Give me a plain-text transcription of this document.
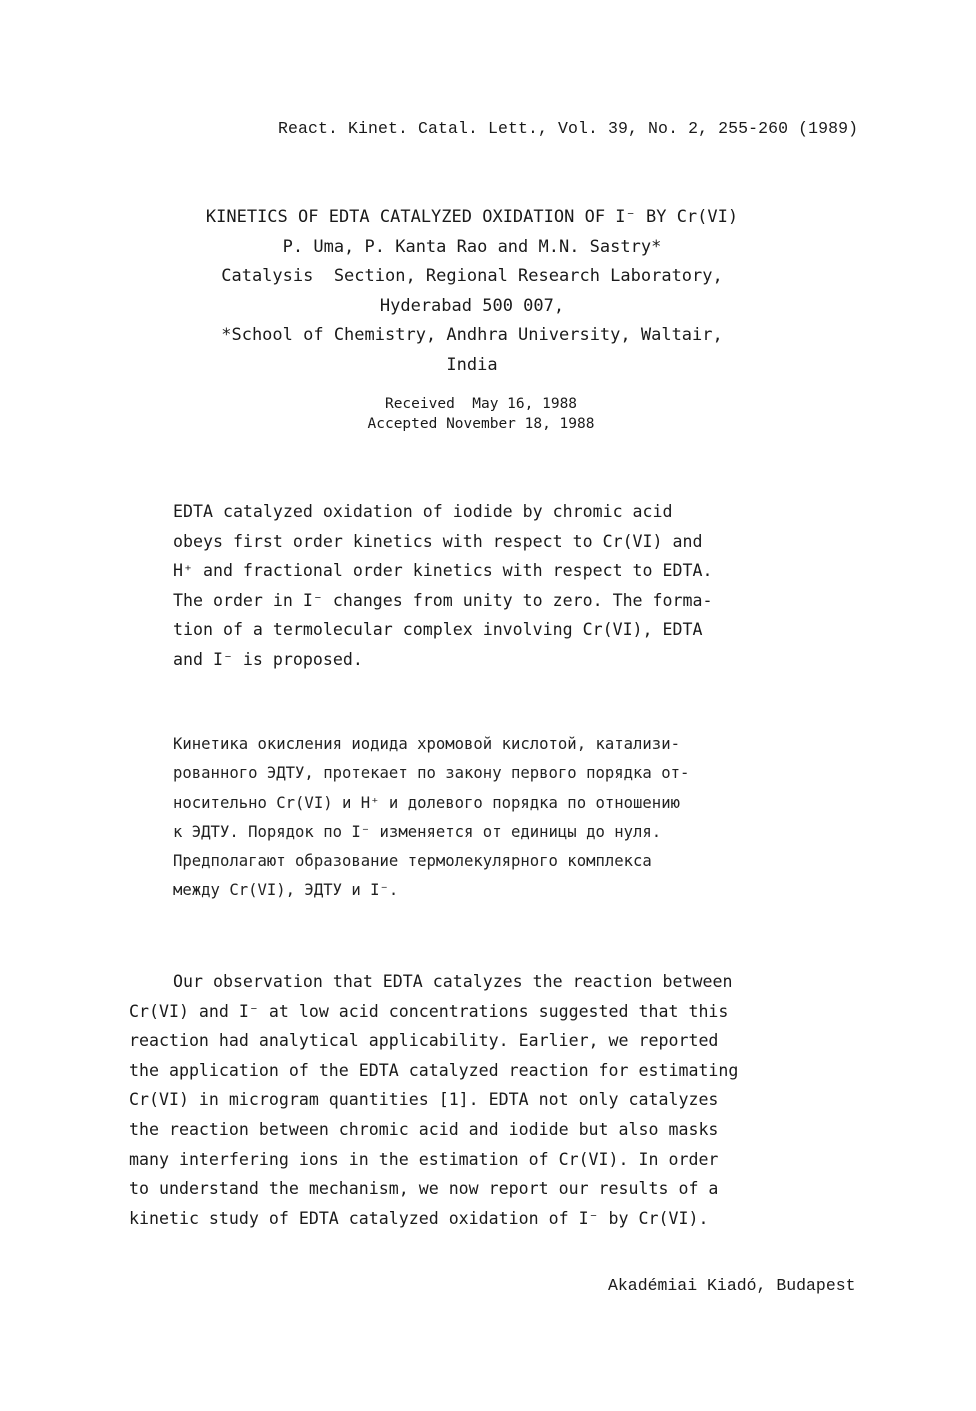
React. Kinet. Catal. Lett., Vol. 39, No. 2, 255-260 (1989)
KINETICS OF EDTA CATALYZED OXIDATION OF I⁻ BY Cr(VI)
P. Uma, P. Kanta Rao and M.N. Sastry*
Catalysis  Section, Regional Research Laboratory,
Hyderabad 500 007,
*School of Chemistry, Andhra University, Waltair,
India
Received  May 16, 1988
Accepted November 18, 1988
EDTA catalyzed oxidation of iodide by chromic acid
obeys first order kinetics with respect to Cr(VI) and
H⁺ and fractional order kinetics with respect to EDTA.
The order in I⁻ changes from unity to zero. The forma-
tion of a termolecular complex involving Cr(VI), EDTA
and I⁻ is proposed.
Кинетика окисления иодида хромовой кислотой, катализи-
рованного ЭДТУ, протекает по закону первого порядка от-
носительно Cr(VI) и H⁺ и долевого порядка по отношению
к ЭДТУ. Порядок по I⁻ изменяется от единицы до нуля.
Предполагают образование термолекулярного комплекса
между Cr(VI), ЭДТУ и I⁻.
Our observation that EDTA catalyzes the reaction between
Cr(VI) and I⁻ at low acid concentrations suggested that this
reaction had analytical applicability. Earlier, we reported
the application of the EDTA catalyzed reaction for estimating
Cr(VI) in microgram quantities [1]. EDTA not only catalyzes
the reaction between chromic acid and iodide but also masks
many interfering ions in the estimation of Cr(VI). In order
to understand the mechanism, we now report our results of a
kinetic study of EDTA catalyzed oxidation of I⁻ by Cr(VI).
Akadémiai Kiadó, Budapest
